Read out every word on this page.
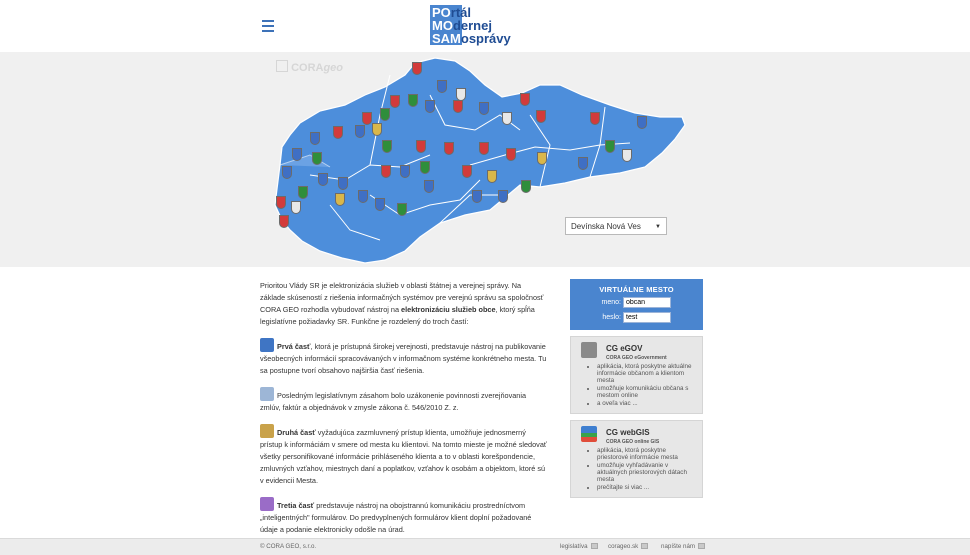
POrtál
MOdernej
SAMosprávy
CORAgeo
Devínska Nová Ves ▼

Prioritou Vlády SR je elektronizácia služieb v oblasti štátnej a verejnej správy. Na základe skúseností z riešenia informačných systémov pre verejnú správu sa spoločnosť CORA GEO rozhodla vybudovať nástroj na elektronizáciu služieb obce, ktorý spĺňa legislatívne požiadavky SR. Funkčne je rozdelený do troch častí:

Prvá časť, ktorá je prístupná širokej verejnosti, predstavuje nástroj na publikovanie všeobecných informácií spracovávaných v informačnom systéme konkrétneho mesta. Tu sa postupne tvorí obsahovo najširšia časť riešenia.

Posledným legislatívnym zásahom bolo uzákonenie povinnosti zverejňovania zmlúv, faktúr a objednávok v zmysle zákona č. 546/2010 Z. z.

Druhá časť vyžadujúca zazmluvnený prístup klienta, umožňuje jednosmerný prístup k informáciám v smere od mesta ku klientovi. Na tomto mieste je možné sledovať všetky personifikované informácie prihláseného klienta a to v oblasti korešpondencie, zmluvných vzťahov, miestnych daní a poplatkov, vzťahov k osobám a objektom, ktoré sú v evidencii Mesta.

Tretia časť predstavuje nástroj na obojstrannú komunikáciu prostredníctvom „inteligentných" formulárov. Do predvyplnených formulárov klient doplní požadované údaje a podanie elektronicky odošle na úrad.

VIRTUÁLNE MESTO
meno:
obcan
heslo:
test
CG eGOV
CORA GEO eGovernment
• aplikácia, ktorá poskytne aktuálne informácie občanom a klientom mesta
• umožňuje komunikáciu občana s mestom online
• a oveľa viac ...
CG webGIS
CORA GEO online GIS
• aplikácia, ktorá poskytne priestorové informácie mesta
• umožňuje vyhľadávanie v aktuálnych priestorových dátach mesta
• prečítajte si viac ...
© CORA GEO, s.r.o.	legislatíva	corageo.sk	napíšte nám
